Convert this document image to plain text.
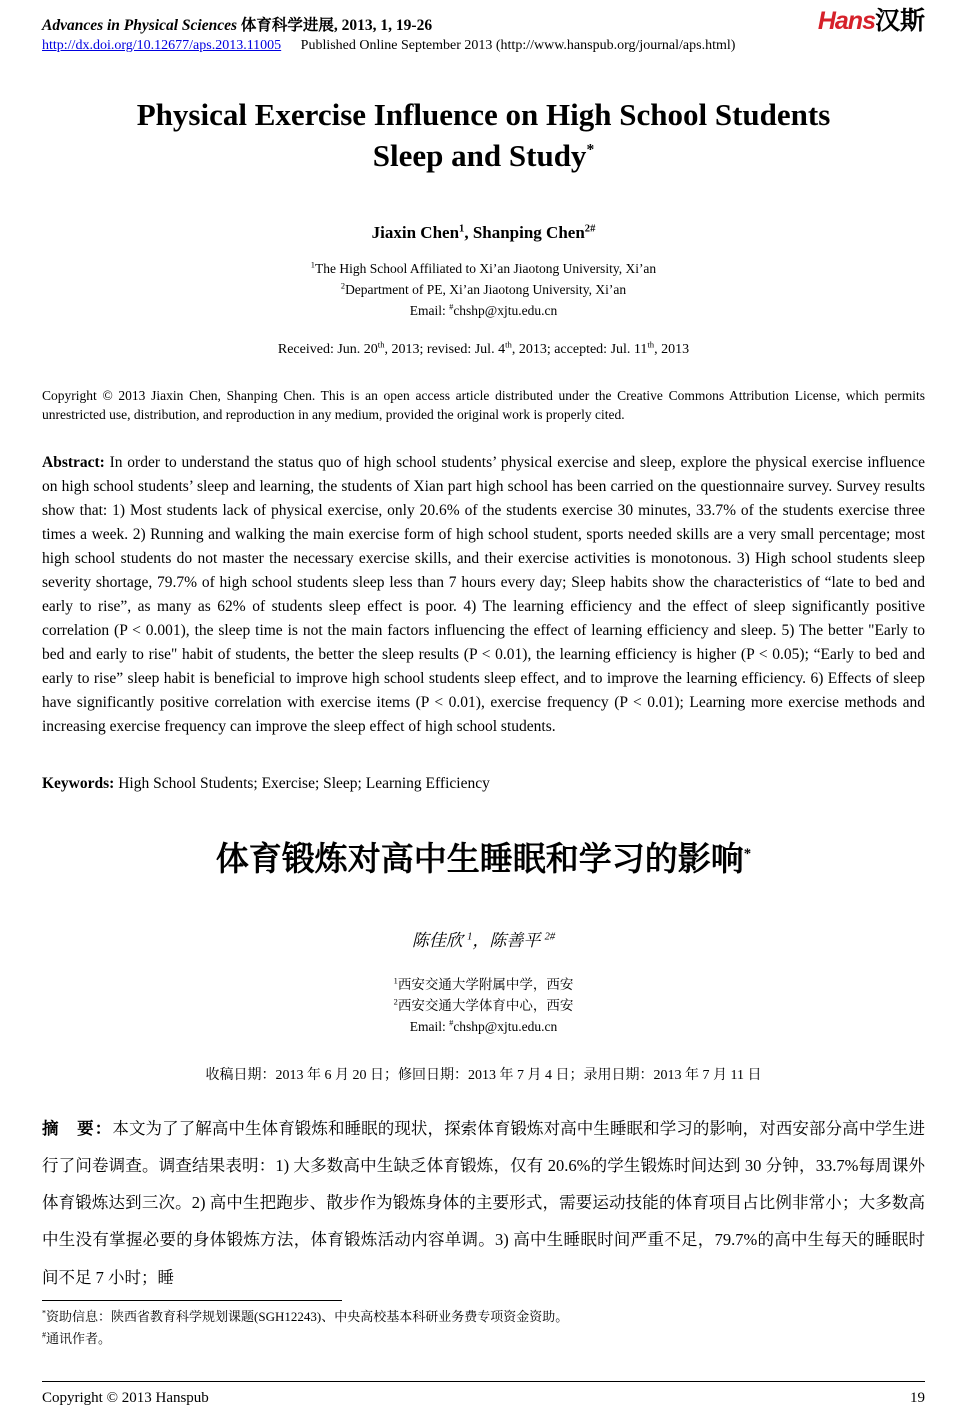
Advances in Physical Sciences 体育科学进展, 2013, 1, 19-26	Hans汉斯
http://dx.doi.org/10.12677/aps.2013.11005 Published Online September 2013 (http://www.hanspub.org/journal/aps.html)
Physical Exercise Influence on High School Students
Sleep and Study*
Jiaxin Chen$^1$, Shanping Chen$^{2\#}$
$^1$The High School Affiliated to Xi’an Jiaotong University, Xi’an
$^2$Department of PE, Xi’an Jiaotong University, Xi’an
Email: #chshp@xjtu.edu.cn
Received: Jun. 20th, 2013; revised: Jul. 4th, 2013; accepted: Jul. 11th, 2013

Copyright © 2013 Jiaxin Chen, Shanping Chen. This is an open access article distributed under the Creative Commons Attribution License, which permits unrestricted use, distribution, and reproduction in any medium, provided the original work is properly cited.

Abstract: In order to understand the status quo of high school students’ physical exercise and sleep, explore the physical exercise influence on high school students’ sleep and learning, the students of Xian part high school has been carried on the questionnaire survey. Survey results show that: 1) Most students lack of physical exercise, only 20.6% of the students exercise 30 minutes, 33.7% of the students exercise three times a week. 2) Running and walking the main exercise form of high school student, sports needed skills are a very small percentage; most high school students do not master the necessary exercise skills, and their exercise activities is monotonous. 3) High school students sleep severity shortage, 79.7% of high school students sleep less than 7 hours every day; Sleep habits show the characteristics of “late to bed and early to rise”, as many as 62% of students sleep effect is poor. 4) The learning efficiency and the effect of sleep significantly positive correlation (P < 0.001), the sleep time is not the main factors influencing the effect of learning efficiency and sleep. 5) The better "Early to bed and early to rise" habit of students, the better the sleep results (P < 0.01), the learning efficiency is higher (P < 0.05); “Early to bed and early to rise” sleep habit is beneficial to improve high school students sleep effect, and to improve the learning efficiency. 6) Effects of sleep have significantly positive correlation with exercise items (P < 0.01), exercise frequency (P < 0.01); Learning more exercise methods and increasing exercise frequency can improve the sleep effect of high school students.

Keywords: High School Students; Exercise; Sleep; Learning Efficiency

体育锻炼对高中生睡眠和学习的影响*
陈佳欣 $^1$，陈善平 $^{2\#}$
$^1$西安交通大学附属中学，西安
$^2$西安交通大学体育中心，西安
Email: #chshp@xjtu.edu.cn
收稿日期：2013 年 6 月 20 日；修回日期：2013 年 7 月 4 日；录用日期：2013 年 7 月 11 日

摘　要：本文为了了解高中生体育锻炼和睡眠的现状，探索体育锻炼对高中生睡眠和学习的影响，对西安部分高中学生进行了问卷调查。调查结果表明：1) 大多数高中生缺乏体育锻炼，仅有 20.6%的学生锻炼时间达到 30 分钟，33.7%每周课外体育锻炼达到三次。2) 高中生把跑步、散步作为锻炼身体的主要形式，需要运动技能的体育项目占比例非常小；大多数高中生没有掌握必要的身体锻炼方法，体育锻炼活动内容单调。3) 高中生睡眠时间严重不足，79.7%的高中生每天的睡眠时间不足 7 小时；睡

*资助信息：陕西省教育科学规划课题(SGH12243)、中央高校基本科研业务费专项资金资助。
#通讯作者。
Copyright © 2013 Hanspub	19
